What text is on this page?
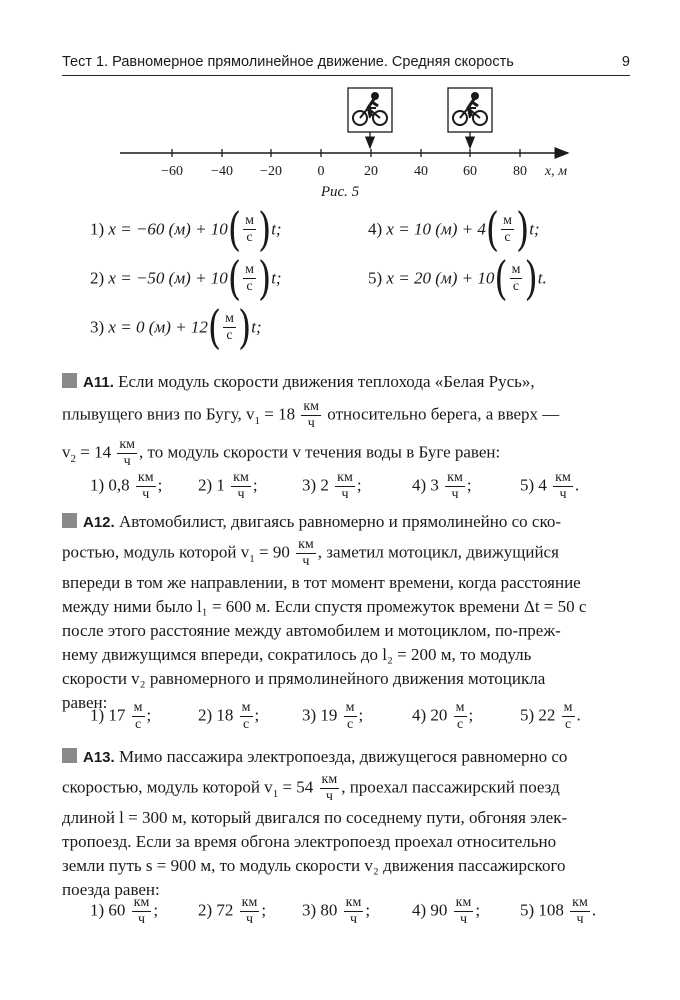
Тест 1. Равномерное прямолинейное движение. Средняя скорость	9
−60 −40 −20	0	20	40	60	80 x, м
Рис. 5
1) x = −60 (м) + 10( м
с )t;	4) x = 10 (м) + 4( м
с )t;
2) x = −50 (м) + 10( м
с )t;	5) x = 20 (м) + 10( м
с )t.
3) x = 0 (м) + 12( м
с )t;
А11. Если модуль скорости движения теплохода «Белая Русь»,
плывущего вниз по Бугу, $v_1 = 18$ км
ч
относительно берега, а вверх —
$v_2 = 14$ км
ч
, то модуль скорости v течения воды в Буге равен:
1) 0,8 км
ч
; 2) 1 км
ч
;	3) 2 км
ч
;	4) 3 км
ч
;	5) 4 км
ч
.
А12. Автомобилист, двигаясь равномерно и прямолинейно со ско-
ростью, модуль которой $v_1 = 90$ км
ч
, заметил мотоцикл, движущийся
впереди в том же направлении, в тот момент времени, когда расстояние
между ними было l₁ = 600 м. Если спустя промежуток времени Δt = 50 с
после этого расстояние между автомобилем и мотоциклом, по-преж-
нему движущимся впереди, сократилось до l₂ = 200 м, то модуль
скорости v₂ равномерного и прямолинейного движения мотоцикла
равен:
1) 17 м
с
;	2) 18 м
с
;	3) 19 м
с
;	4) 20 м
с
;	5) 22 м
с
.
А13. Мимо пассажира электропоезда, движущегося равномерно со
скоростью, модуль которой $v_1 = 54$ км
ч
, проехал пассажирский поезд
длиной l = 300 м, который двигался по соседнему пути, обгоняя элек-
тропоезд. Если за время обгона электропоезд проехал относительно
земли путь s = 900 м, то модуль скорости v₂ движения пассажирского
поезда равен:
1) 60 км
ч
; 2) 72 км
ч
; 3) 80 км
ч
; 4) 90 км
ч
; 5) 108 км
ч
.
